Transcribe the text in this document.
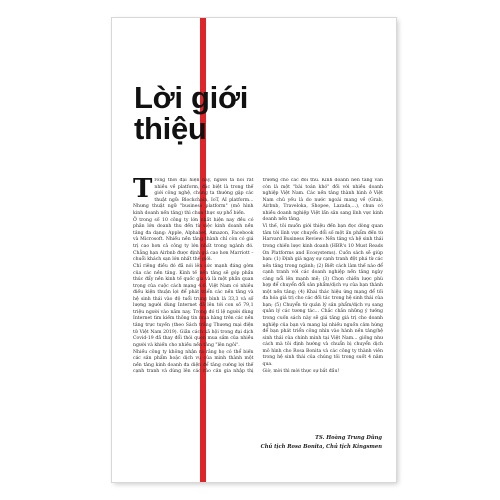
Lời giới
thiệu

Trong thời đại hiện nay, người ta nói rất nhiều về platform, đặc biệt là trong thế giới công nghệ, chúng ta thường gặp các thuật ngữ: Blockchain, IoT, AI platform... Nhưng thuật ngữ "business platform" (mô hình kinh doanh nền tảng) thì chưa thực sự phổ biến.

Ở trong số 10 công ty lớn nhất hiện nay đều có phân lớn doanh thu đến từ việc kinh doanh nền tảng đa dạng: Apple, Alphabet, Amazon, Facebook và Microsoft. Nhiều nền tảng thành chỉ còn có giá trị cao hơn cả công ty lớn nhất trong ngành đó. Chẳng hạn Airbnb được định giá cao hơn Marriott – chuỗi khách sạn lớn nhất thế giới.

Chỉ riêng điều đó đã nói lên sức mạnh đáng gờm của các nền tảng. Kinh tế nền tảng sẽ góp phần thúc đẩy nền kinh tế quốc gia và là một phần quan trọng của cuộc cách mạng 4.0. Việt Nam có nhiều điều kiện thuận lợi để phát triển các nền tảng và hệ sinh thái vào độ tuổi trung bình là 33,3 và số lượng người dùng Internet đã lên tới con số 79,1 triệu người vào năm nay. Trong đó tỉ lệ người dùng Internet tìm kiếm thông tin mua hàng trên các nền tảng trực tuyến (theo Sách trắng Thương mại điện tử Việt Nam 2019). Giãn cách xã hội trong đại dịch Covid-19 đã thay đổi thói quen mua sắm của nhiều người và khiến cho nhiều nền tảng "lên ngôi".

Nhiều công ty không nhận ra rằng họ có thể biến các sản phẩm hoặc dịch vụ của mình thành một nền tảng kinh doanh đa diện để tăng cường lợi thế cạnh tranh và dùng lên các rào cản gia nhập thị trường cho các đối thủ. Kinh doanh nền tảng vẫn còn là một "bài toán khó" đối với nhiều doanh nghiệp Việt Nam. Các nền tảng thành hình ở Việt Nam chủ yếu là do nước ngoài mang về (Grab, Airbnb, Traveloka, Shopee, Lazada,...), chưa có nhiều doanh nghiệp Việt lấn sân sang lĩnh vực kinh doanh nền tảng.

Vì thế, tôi muốn giới thiệu đến bạn đọc dòng quan tâm tới lĩnh vực chuyển đổi số một ấn phẩm đến từ Harvard Business Review: Nền tảng và hệ sinh thái trong chiến lược kinh doanh (HBR's 10 Must Reads On Platforms and Ecosystems). Cuốn sách sẽ giúp bạn: (1) Định giá ngay sự cạnh tranh đột phá từ các nền tảng trong ngành; (2) Biết cách làm thế nào để cạnh tranh với các doanh nghiệp nền tảng ngày càng nổi lên mạnh mẽ; (3) Chọn chiến lược phù hợp để chuyển đổi sản phẩm/dịch vụ của bạn thành một nền tảng; (4) Khai thác hiệu ứng mạng để tối đa hóa giá trị cho các đối tác trong hệ sinh thái của bạn; (5) Chuyển từ quản lý sản phẩm/dịch vụ sang quản lý các tương tác... Chắc chắn những ý tưởng trong cuốn sách này sẽ giá tăng giá trị cho doanh nghiệp của bạn và mang lại nhiều nguồn cảm hứng để bạn phát triển công nhìn vào hành nền tảng/hệ sinh thái của chính mình tại Việt Nam... giống như cách mà tôi định hướng và chuẩn bị chuyển dịch mô hình cho Rosa Bonita và các công ty thành viên trong hệ sinh thái của chúng tôi trong suốt 4 năm qua.

Giờ, mời thì mời thực sự bắt đầu!

TS. Hoàng Trung Dũng
Chủ tịch Rosa Bonita, Chủ tịch Kingsmen
